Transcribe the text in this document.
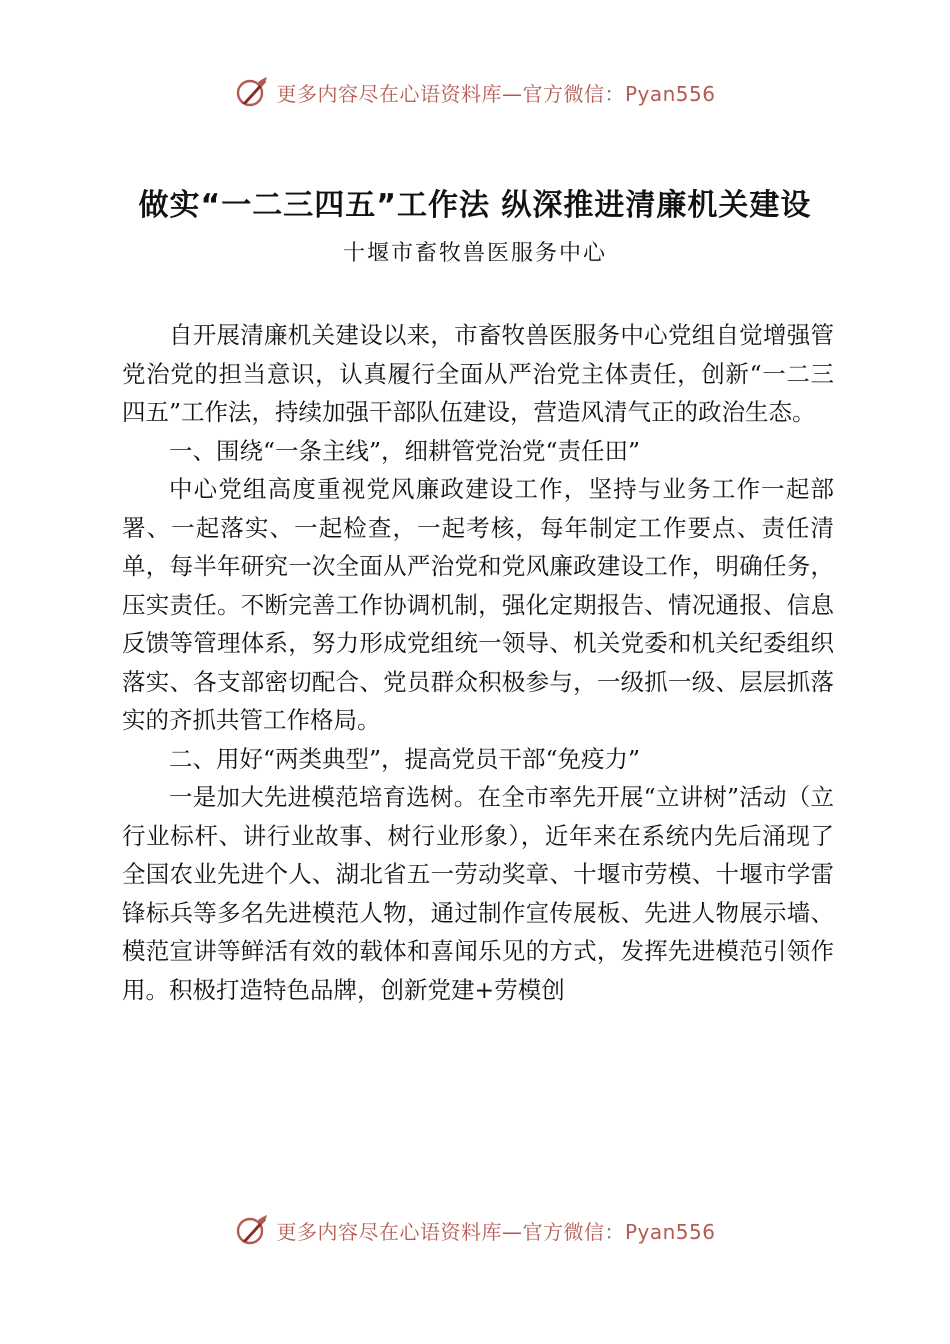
更多内容尽在心语资料库—官方微信：Pyan556
做实“一二三四五”工作法 纵深推进清廉机关建设
十堰市畜牧兽医服务中心

自开展清廉机关建设以来，市畜牧兽医服务中心党组自觉增强管党治党的担当意识，认真履行全面从严治党主体责任，创新“一二三四五”工作法，持续加强干部队伍建设，营造风清气正的政治生态。

一、围绕“一条主线”，细耕管党治党“责任田”

中心党组高度重视党风廉政建设工作，坚持与业务工作一起部署、一起落实、一起检查，一起考核，每年制定工作要点、责任清单，每半年研究一次全面从严治党和党风廉政建设工作，明确任务，压实责任。不断完善工作协调机制，强化定期报告、情况通报、信息反馈等管理体系，努力形成党组统一领导、机关党委和机关纪委组织落实、各支部密切配合、党员群众积极参与，一级抓一级、层层抓落实的齐抓共管工作格局。

二、用好“两类典型”，提高党员干部“免疫力”

一是加大先进模范培育选树。在全市率先开展“立讲树”活动（立行业标杆、讲行业故事、树行业形象），近年来在系统内先后涌现了全国农业先进个人、湖北省五一劳动奖章、十堰市劳模、十堰市学雷锋标兵等多名先进模范人物，通过制作宣传展板、先进人物展示墙、模范宣讲等鲜活有效的载体和喜闻乐见的方式，发挥先进模范引领作用。积极打造特色品牌，创新党建+劳模创

更多内容尽在心语资料库—官方微信：Pyan556
